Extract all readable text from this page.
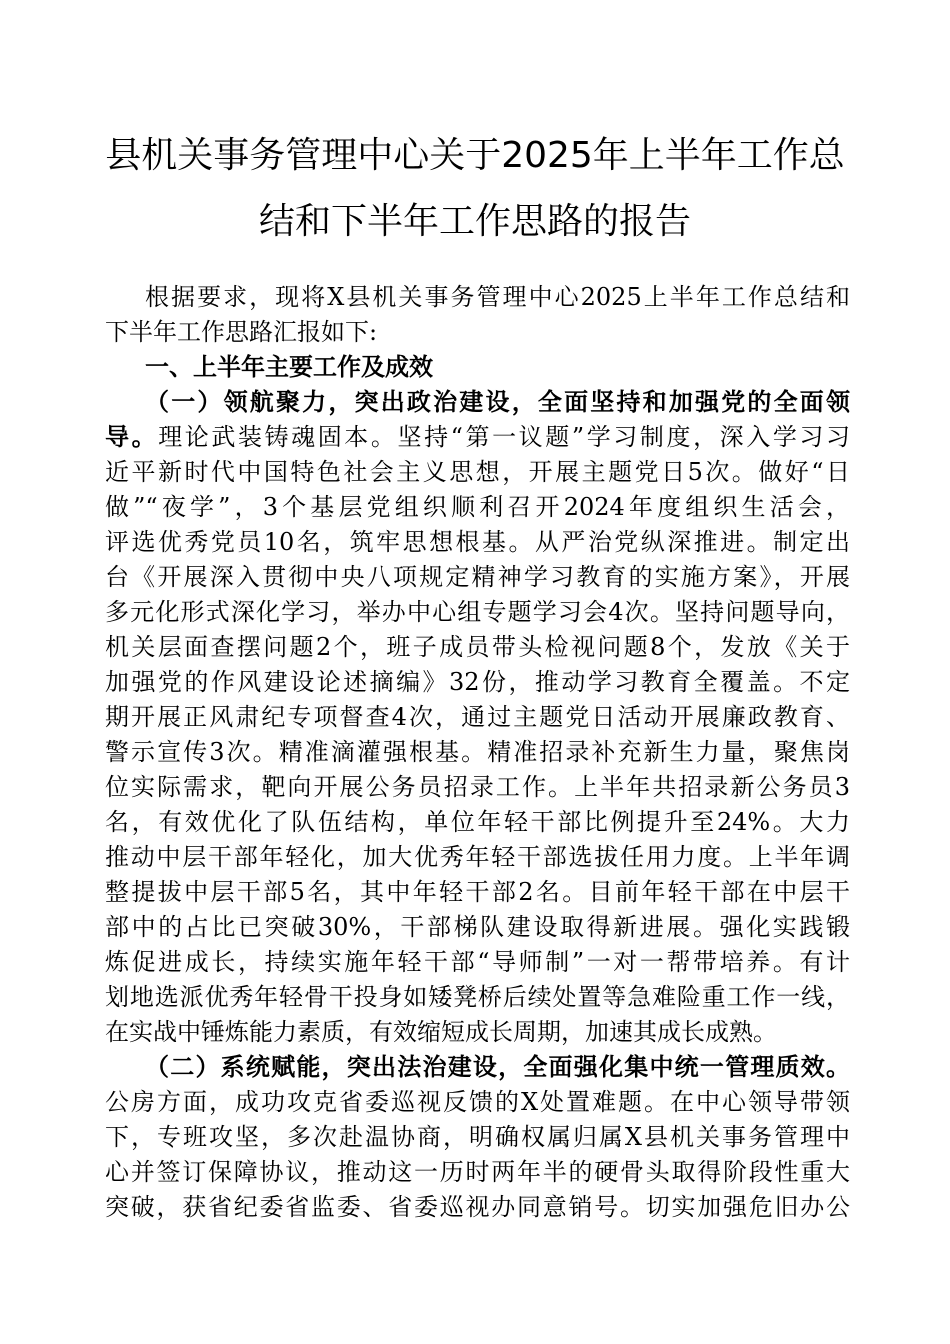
县机关事务管理中心关于2025年上半年工作总
结和下半年工作思路的报告
根据要求，现将X县机关事务管理中心2025上半年工作总结和
下半年工作思路汇报如下:
一、上半年主要工作及成效
（一）领航聚力，突出政治建设，全面坚持和加强党的全面领
导。理论武装铸魂固本。坚持“第一议题”学习制度，深入学习习
近平新时代中国特色社会主义思想，开展主题党日5次。做好“日
做”“夜学”，3个基层党组织顺利召开2024年度组织生活会，
评选优秀党员10名，筑牢思想根基。从严治党纵深推进。制定出
台《开展深入贯彻中央八项规定精神学习教育的实施方案》，开展
多元化形式深化学习，举办中心组专题学习会4次。坚持问题导向，
机关层面查摆问题2个，班子成员带头检视问题8个，发放《关于
加强党的作风建设论述摘编》32份，推动学习教育全覆盖。不定
期开展正风肃纪专项督查4次，通过主题党日活动开展廉政教育、
警示宣传3次。精准滴灌强根基。精准招录补充新生力量，聚焦岗
位实际需求，靶向开展公务员招录工作。上半年共招录新公务员3
名，有效优化了队伍结构，单位年轻干部比例提升至24%。大力
推动中层干部年轻化，加大优秀年轻干部选拔任用力度。上半年调
整提拔中层干部5名，其中年轻干部2名。目前年轻干部在中层干
部中的占比已突破30%，干部梯队建设取得新进展。强化实践锻
炼促进成长，持续实施年轻干部“导师制”一对一帮带培养。有计
划地选派优秀年轻骨干投身如矮凳桥后续处置等急难险重工作一线，
在实战中锤炼能力素质，有效缩短成长周期，加速其成长成熟。
（二）系统赋能，突出法治建设，全面强化集中统一管理质效。
公房方面，成功攻克省委巡视反馈的X处置难题。在中心领导带领
下，专班攻坚，多次赴温协商，明确权属归属X县机关事务管理中
心并签订保障协议，推动这一历时两年半的硬骨头取得阶段性重大
突破，获省纪委省监委、省委巡视办同意销号。切实加强危旧办公
